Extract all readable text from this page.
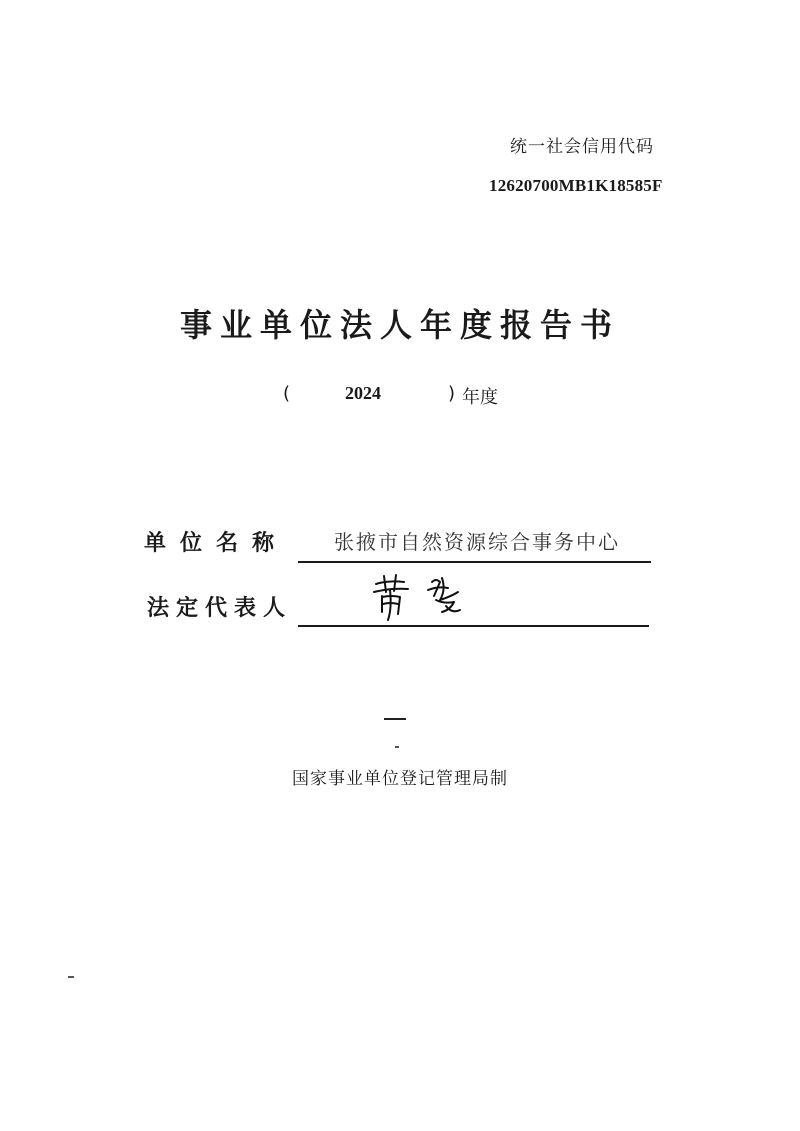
统一社会信用代码
12620700MB1K18585F
事业单位法人年度报告书
(	2024	) 年度
单位名称 张掖市自然资源综合事务中心
法定代表人
国家事业单位登记管理局制
